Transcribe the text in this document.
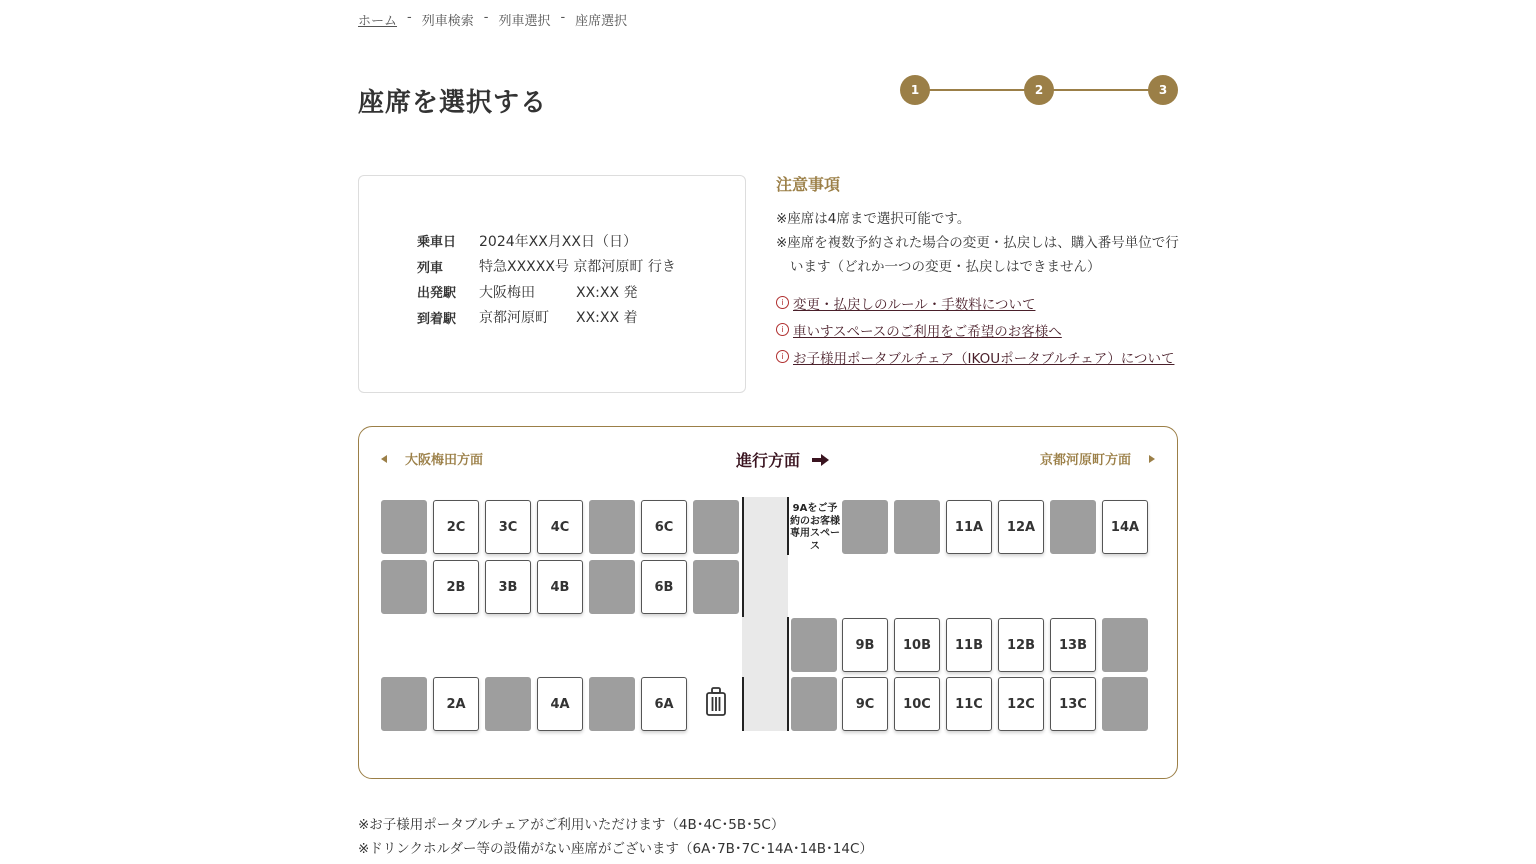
ホーム - 列車検索 - 列車選択 - 座席選択
座席を選択する	1	2	3
乗車日	2024年XX月XX日（日）
列車	特急XXXXX号 京都河原町 行き
出発駅	大阪梅田	XX:XX 発
到着駅	京都河原町	XX:XX 着
注意事項

※座席は4席まで選択可能です。

※座席を複数予約された場合の変更・払戻しは、購入番号単位で行います（どれか一つの変更・払戻しはできません）

i 変更・払戻しのルール・手数料について
i 車いすスペースのご利用をご希望のお客様へ
i お子様用ポータブルチェア（IKOUポータブルチェア）について
大阪梅田方面	進行方面	京都河原町方面
9Aをご予約のお客様専用スペース
2C	3C	4C	6C
2B	3B	4B	6B
2A	4A	6A
11A	12A	14A
9B	10B	11B	12B	13B
9C	10C	11C	12C	13C

※お子様用ポータブルチェアがご利用いただけます（4B･4C･5B･5C）

※ドリンクホルダー等の設備がない座席がございます（6A･7B･7C･14A･14B･14C）
